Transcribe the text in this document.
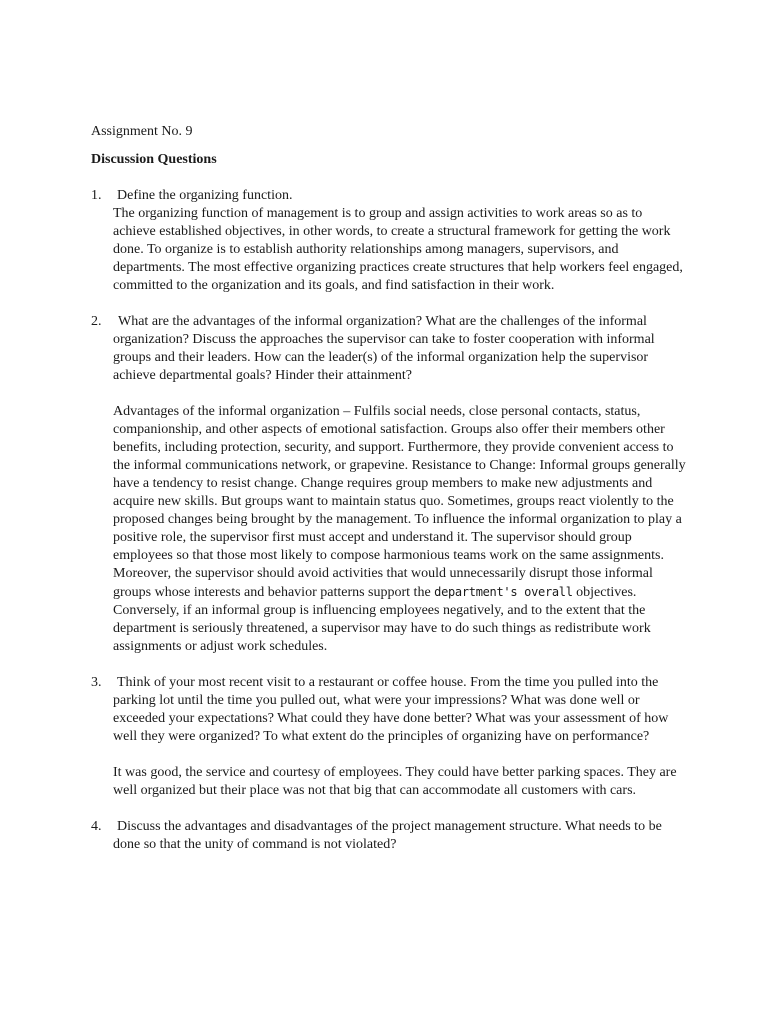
Assignment No. 9

Discussion Questions

1. Define the organizing function.
The organizing function of management is to group and assign activities to work areas so as to achieve established objectives, in other words, to create a structural framework for getting the work done. To organize is to establish authority relationships among managers, supervisors, and departments. The most effective organizing practices create structures that help workers feel engaged, committed to the organization and its goals, and find satisfaction in their work.
2.	What are the advantages of the informal organization? What are the challenges of the informal organization? Discuss the approaches the supervisor can take to foster cooperation with informal groups and their leaders. How can the leader(s) of the informal organization help the supervisor achieve departmental goals? Hinder their attainment?
Advantages of the informal organization – Fulfils social needs, close personal contacts, status, companionship, and other aspects of emotional satisfaction. Groups also offer their members other benefits, including protection, security, and support. Furthermore, they provide convenient access to the informal communications network, or grapevine. Resistance to Change: Informal groups generally have a tendency to resist change. Change requires group members to make new adjustments and acquire new skills. But groups want to maintain status quo. Sometimes, groups react violently to the proposed changes being brought by the management. To influence the informal organization to play a positive role, the supervisor first must accept and understand it. The supervisor should group employees so that those most likely to compose harmonious teams work on the same assignments. Moreover, the supervisor should avoid activities that would unnecessarily disrupt those informal groups whose interests and behavior patterns support the department's overall objectives. Conversely, if an informal group is influencing employees negatively, and to the extent that the department is seriously threatened, a supervisor may have to do such things as redistribute work assignments or adjust work schedules.
3. Think of your most recent visit to a restaurant or coffee house. From the time you pulled into the parking lot until the time you pulled out, what were your impressions? What was done well or exceeded your expectations? What could they have done better? What was your assessment of how well they were organized? To what extent do the principles of organizing have on performance?
It was good, the service and courtesy of employees. They could have better parking spaces. They are well organized but their place was not that big that can accommodate all customers with cars.
4. Discuss the advantages and disadvantages of the project management structure. What needs to be done so that the unity of command is not violated?
